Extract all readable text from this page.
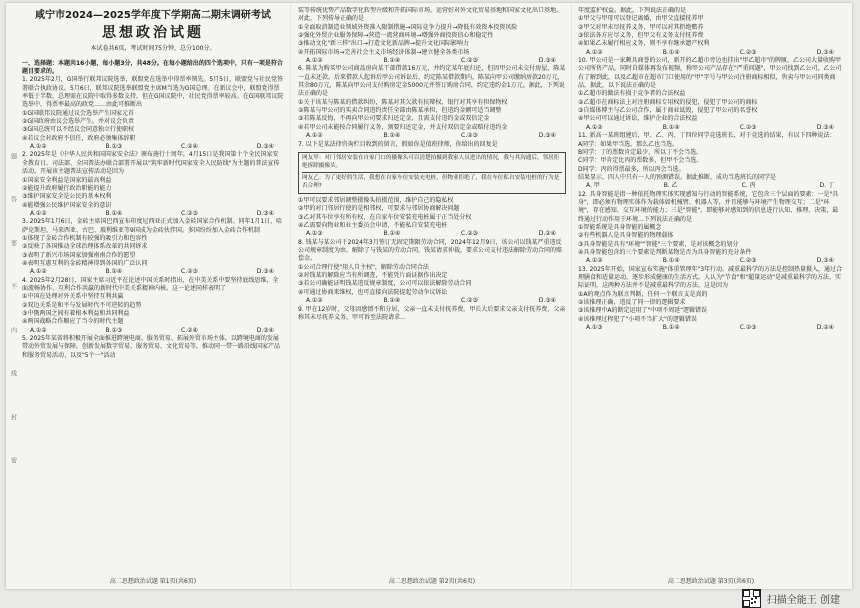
题
答
要
不
内
线
封
密
咸宁市2024—2025学年度下学期高二期末调研考试
思想政治试题
本试卷共6页，考试时间75分钟，总分100分。

一、选择题：本题共16小题，每小题3分，共48分。在每小题给出的四个选项中，只有一项是符合题目要求的。

1. 2025年2月，G国举行联邦议院选举，联盟党在选举中得票率领先。5月5日，联盟党与社民党签署联合执政协议。5月6日，联邦议院选举联盟党主席M当选为G国总理。在新议会中，联盟党得票率低于半数，总理需在议院中取得多数支持，但在G国议院中，社民党得票率较高。在G国联邦议院选举中，得票率最高的政党……由此可推断出

①G国联邦议院通过议会选举产生国家元首

②G国政府由议会选举产生，并对议会负责

③G国总统可以不经议会同意独立行使职权

④若议会对政府不信任，政府必须集体辞职

A.①②	B.①③	C.②④	D.③④

2. 2025年是《中华人民共和国国家安全法》颁布施行十周年，4月15日是我国第十个全民国家安全教育日。司法部、全国普法办联合部署开展以"筑牢新时代国家安全人民防线"为主题的普法宣传活动。开展该主题普法宣传活动是因为

①国家安全利益是国家的最高利益

②能提升政府履行政治职能的能力

③维护国家安全是公民的基本权利

④能增强公民维护国家安全的意识

A.①②	B.①④	C.②③	D.③④

3. 2025年1月6日，金砖主席国巴西宣布印度尼西亚正式加入金砖国家合作机制。同年1月1日，哈萨克斯坦、马来西亚、古巴、玻利维亚等9国成为金砖伙伴国。多国纷纷加入金砖合作机制

①体现了金砖合作机制有较强的吸引力和包容性

②反映了各国推动全球治理体系改革的共同诉求

③表明了新兴市场国家加强南南合作的愿望

④表明互惠互利的金砖精神得到各国的广泛认同

A.①②	B.①④	C.②③	D.③④

4. 2025年2月28日，国家主席习近平在论述中国关系时指出，在中美关系中要坚持底线思维，全面流畅协作、互利合作共赢的新时代中美关系精神内核。这一论述同样表明了

①中国在处理对外关系中坚持互利共赢

②双边关系是和平与发展时代不可逆转的趋势

③中俄两国之间有着根本利益和共同利益

④两国战略合作顺应了当今的时代主题

A.①②	B.①③	C.②④	D.③④

5. 2025年某省将积极开展全面推进跨境电商、服务贸易、拓展外贸市场主体，以跨境电商的发展带动外贸发展与保障。创新发展数字贸易、服务贸易、文化贸易等，推动同一带一路沿线国家产品和服务贸易活动、以及"5个一"活动

装等传统优势产品数字化转型升级和开拓国际市场，运营好对外文化贸易基地和国家文化出口基地。对此，下列传导正确的是

①全面取消制造业领域外资准入限制措施→国际竞争力提升→降低有效资本投资风险

②强化外贸企业服务保障→营造一流营商环境→增强外商投资信心和稳定性

③推动文化"新三样"出口→打造文化新品牌→提升文化国际影响力

④开拓国际市场→完善社会主义市场经济体制→建立健全各类市场

A.①②	B.①④	C.②③	D.③④

6. 陈某为购买甲公司商品房向某干部借款16万元，并约定某年底归还，但因甲公司未交付房屋，陈某一直未还款。后来借款人起诉后甲公司诉讼后，约定陈某借款期内，陈某向甲公司缴纳房款20万元，其余80万元，陈某向甲公司支付购房定金5000元并签订购房合同，约定违约金1万元。据此，下列说法正确的是

①关于该某与陈某的借款纠纷，陈某对其欠款有抗辩权，银行对其享有担保物权

②陈某与甲公司的买卖合同违约责任全部由陈某承担，但违约金额可适当调整

③若陈某反悔，不再向甲公司要求归还定金，且需支付违约金或双倍定金

④若甲公司未能按合同履行义务，须要归还定金，并支付双倍定金或赔付违约金

A.①②	B.①④	C.②③	D.③④

7. 以下是某法律咨询栏目收到的留言，假如你是值班律师，你给出的回复是

网友甲：对门邻居安装在自家门口的摄像头可以清楚拍摄到我家人员进出的情况，我与其沟通后，邻居拒绝拆除摄像头。

网友乙：为了更好的生活，我想在自家车位安装充电桩，但物业拒绝了，我在车位私自安装电桩的行为是否合理?

①甲可以要求邻居调整摄像头拍摄范围，维护自己的隐私权

②甲的对门邻居行使的是相邻权，可要求与邻居协商解决问题

③乙对其车位享有所有权，在自家车位安装充电桩属于正当处分权

④乙需要向物业和业主委员会申请，不能私自安装充电桩

A.①③	B.①④	C.②③	D.②④

8. 钱某与某公司于2024年3月签订无固定期限劳动合同，2024年12月9日，该公司以钱某严重违反公司规章制度为由，解除了与钱某的劳动合同，钱某请求仲裁，要求公司支付违法解除劳动合同的赔偿金。

①公司合理行使"用人自主权"，解除劳动合同合法

②对钱某的解除应当有所调查，不能凭片面证据作出决定

③若公司确能证明钱某违反规章制度，公司可以依法解除劳动合同

④可通过协商来维权，也可直接向法院提起劳动争议诉讼

A.①②	B.①④	C.②③	D.③④

9. 甲在12岁时，父母因感情不和分居，父亲一直未支付抚养费。甲长大后要求父亲支付抚养费，父亲称其未尽抚养义务，甲可诉至法院请求…

年度监护权益。据此，下列说法正确的是

①甲父与甲母可以登记离婚，由甲父直接抚养甲

②甲父对甲未尽抚养义务，甲可以对其拒绝赡养

③依法各方应尽义务，但甲父有义务支付抚养费

④如果乙未履行相应义务，则不享有继承遗产权利

A.①②	B.①④	C.②③	D.③④

10. 甲公司是一家颇具商誉的公司，新开的乙超市旁边也挂出"甲乙超市"的牌匾，乙公司大量收购甲公司所售产品，同时自媒体再发布视频，称甲公司产品存在"严重问题"，甲公司找到乙公司，乙公司有了解到此，以及乙超市在超市门口使用的"甲"字号与甲公司注册商标相似，售卖与甲公司同类商品，据此，以下说法正确的是

①乙超市的做法有损于竞争者的合法权益

②乙超市在商标法上对注册商标专用权的侵犯，侵犯了甲公司的商标

③自媒体博主与乙公司合作，属于商业诋毁，侵犯了甲公司的名誉权

④甲公司可以通过诉讼，维护企业的合法权益

A.①②	B.①④	C.②③	D.③④

11. 新高一某班组建后，甲、乙、丙、丁四位同学竞选班长，对于竞选的结果，有以下四种说法：

A同学：如果甲当选，那么乙也当选。

B同学：丁的票数肯定最少，所以丁不会当选。

C同学：甲肯定比丙的票数多，但甲不会当选。

D同学：丙的得票最多，所以丙会当选。

结果显示，四人中只有一人的预测错误。据此推断，成功当选班长的同学是

A. 甲	B. 乙	C. 丙	D. 丁

12. 具身智能是指一种依托物理实体实现感知与行动的智能系统，它包含三个层面的要素：一是"具身"，即必须有物理实体作为载体如机械臂、机器人等，并且能够与环境产生物理交互；二是"环境"，存在感知、交互环境的能力；三是"智能"，即能够对感知到的信息进行认知、推理、决策，最终通过行动作用于环境…下列说法正确的是

①智能系统是具身智能的属概念

②有些机器人是具身智能的物理载体

③具身智能是具有"环境""智能"三个要素，是对该概念的划分

④具身智能包含的三个要素是判断某物是否为具身智能的充分条件

A.①②	B.①④	C.②③	D.③④

13. 2025年开始，国家宣布实施"体重管理年"3年行动。减重最科学的方法是控制热量摄入，通过合理膳食和适量运动，逐步形成健康的生活方式。人认为"节食"和"超量运动"是减重最科学的方法，实际证明，这两种方法并不是减重最科学的方法，这是因为

①A的观点作为联言判断，任何一个联言支是真的

②该推理正确，违反了同一律的逻辑要求

③该推理中A的断定运用了"中项不周延"逻辑错误

④该推理过程犯了"小项不当扩大"的逻辑错误

A.①③	B.①④	C.②③	D.②④
高二思想政治试题 第1页(共6页)	高二思想政治试题 第2页(共6页)	高二思想政治试题 第3页(共6页)
扫描全能王 创建
